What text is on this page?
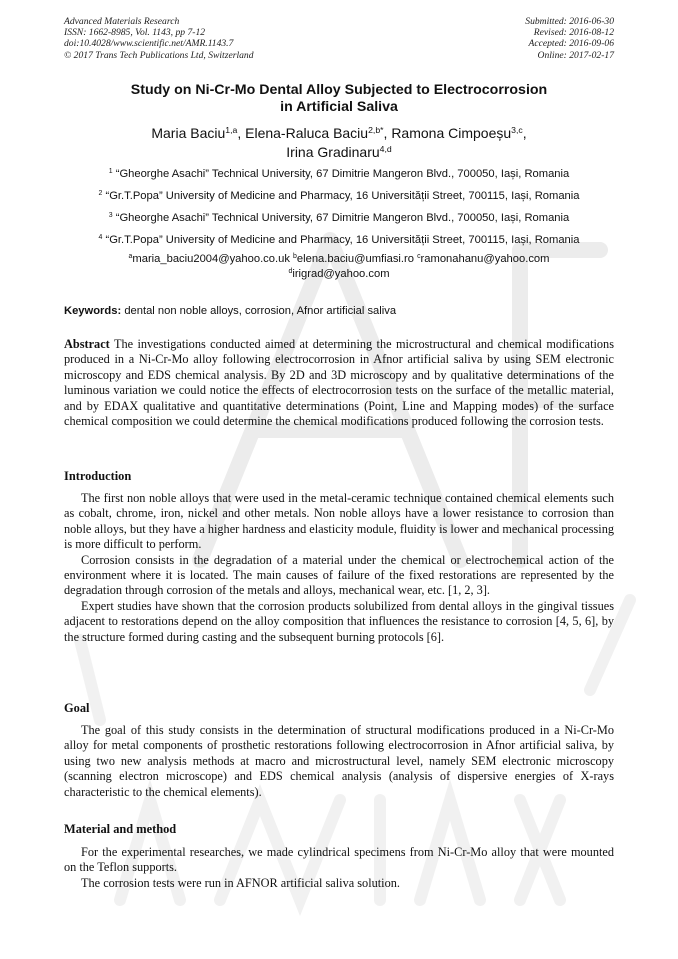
Advanced Materials Research
ISSN: 1662-8985, Vol. 1143, pp 7-12
doi:10.4028/www.scientific.net/AMR.1143.7
© 2017 Trans Tech Publications Ltd, Switzerland
Submitted: 2016-06-30
Revised: 2016-08-12
Accepted: 2016-09-06
Online: 2017-02-17
Study on Ni-Cr-Mo Dental Alloy Subjected to Electrocorrosion
in Artificial Saliva
Maria Baciu$^{1,a}$, Elena-Raluca Baciu$^{2,b*}$, Ramona Cimpoeșu$^{3,c}$,
Irina Gradinaru$^{4,d}$
$^1$ “Gheorghe Asachi” Technical University, 67 Dimitrie Mangeron Blvd., 700050, Iași, Romania
$^2$ “Gr.T.Popa” University of Medicine and Pharmacy, 16 Universității Street, 700115, Iași, Romania
$^3$ “Gheorghe Asachi” Technical University, 67 Dimitrie Mangeron Blvd., 700050, Iași, Romania
$^4$ “Gr.T.Popa” University of Medicine and Pharmacy, 16 Universității Street, 700115, Iași, Romania
$^a$maria_baciu2004@yahoo.co.uk $^b$elena.baciu@umfiasi.ro $^c$ramonahanu@yahoo.com
$^d$irigrad@yahoo.com
Keywords: dental non noble alloys, corrosion, Afnor artificial saliva
Abstract The investigations conducted aimed at determining the microstructural and chemical modifications produced in a Ni-Cr-Mo alloy following electrocorrosion in Afnor artificial saliva by using SEM electronic microscopy and EDS chemical analysis. By 2D and 3D microscopy and by qualitative determinations of the luminous variation we could notice the effects of electrocorrosion tests on the surface of the metallic material, and by EDAX qualitative and quantitative determinations (Point, Line and Mapping modes) of the surface chemical composition we could determine the chemical modifications produced following the corrosion tests.
Introduction

The first non noble alloys that were used in the metal-ceramic technique contained chemical elements such as cobalt, chrome, iron, nickel and other metals. Non noble alloys have a lower resistance to corrosion than noble alloys, but they have a higher hardness and elasticity module, fluidity is lower and mechanical processing is more difficult to perform.

Corrosion consists in the degradation of a material under the chemical or electrochemical action of the environment where it is located. The main causes of failure of the fixed restorations are represented by the degradation through corrosion of the metals and alloys, mechanical wear, etc. [1, 2, 3].

Expert studies have shown that the corrosion products solubilized from dental alloys in the gingival tissues adjacent to restorations depend on the alloy composition that influences the resistance to corrosion [4, 5, 6], by the structure formed during casting and the subsequent burning protocols [6].

Goal

The goal of this study consists in the determination of structural modifications produced in a Ni-Cr-Mo alloy for metal components of prosthetic restorations following electrocorrosion in Afnor artificial saliva, by using two new analysis methods at macro and microstructural level, namely SEM electronic microscopy (scanning electron microscope) and EDS chemical analysis (analysis of dispersive energies of X-rays characteristic to the chemical elements).

Material and method

For the experimental researches, we made cylindrical specimens from Ni-Cr-Mo alloy that were mounted on the Teflon supports.

The corrosion tests were run in AFNOR artificial saliva solution.
